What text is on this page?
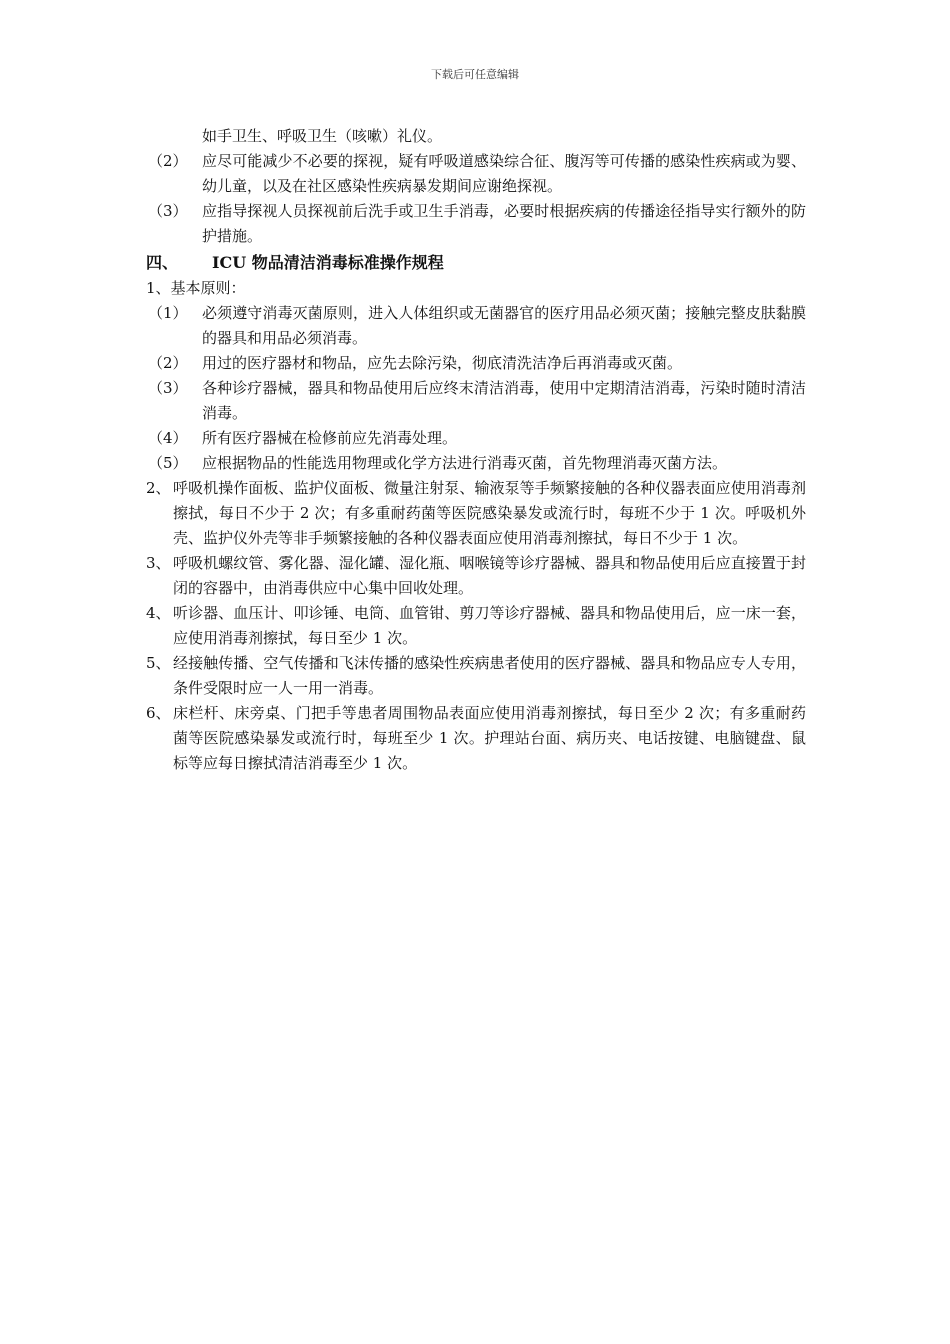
下载后可任意编辑
如手卫生、呼吸卫生（咳嗽）礼仪。
（2） 应尽可能减少不必要的探视，疑有呼吸道感染综合征、腹泻等可传播的感染性疾病或为婴、幼儿童，以及在社区感染性疾病暴发期间应谢绝探视。
（3） 应指导探视人员探视前后洗手或卫生手消毒，必要时根据疾病的传播途径指导实行额外的防护措施。
四、 ICU 物品清洁消毒标准操作规程
1、基本原则：
（1） 必须遵守消毒灭菌原则，进入人体组织或无菌器官的医疗用品必须灭菌；接触完整皮肤黏膜的器具和用品必须消毒。
（2） 用过的医疗器材和物品，应先去除污染，彻底清洗洁净后再消毒或灭菌。
（3） 各种诊疗器械，器具和物品使用后应终末清洁消毒，使用中定期清洁消毒，污染时随时清洁消毒。
（4） 所有医疗器械在检修前应先消毒处理。
（5） 应根据物品的性能选用物理或化学方法进行消毒灭菌，首先物理消毒灭菌方法。
2、 呼吸机操作面板、监护仪面板、微量注射泵、输液泵等手频繁接触的各种仪器表面应使用消毒剂擦拭，每日不少于 2 次；有多重耐药菌等医院感染暴发或流行时，每班不少于 1 次。呼吸机外壳、监护仪外壳等非手频繁接触的各种仪器表面应使用消毒剂擦拭，每日不少于 1 次。
3、 呼吸机螺纹管、雾化器、湿化罐、湿化瓶、咽喉镜等诊疗器械、器具和物品使用后应直接置于封闭的容器中，由消毒供应中心集中回收处理。
4、 听诊器、血压计、叩诊锤、电筒、血管钳、剪刀等诊疗器械、器具和物品使用后，应一床一套，应使用消毒剂擦拭，每日至少 1 次。
5、 经接触传播、空气传播和飞沫传播的感染性疾病患者使用的医疗器械、器具和物品应专人专用，条件受限时应一人一用一消毒。
6、 床栏杆、床旁桌、门把手等患者周围物品表面应使用消毒剂擦拭，每日至少 2 次；有多重耐药菌等医院感染暴发或流行时，每班至少 1 次。护理站台面、病历夹、电话按键、电脑键盘、鼠标等应每日擦拭清洁消毒至少 1 次。
